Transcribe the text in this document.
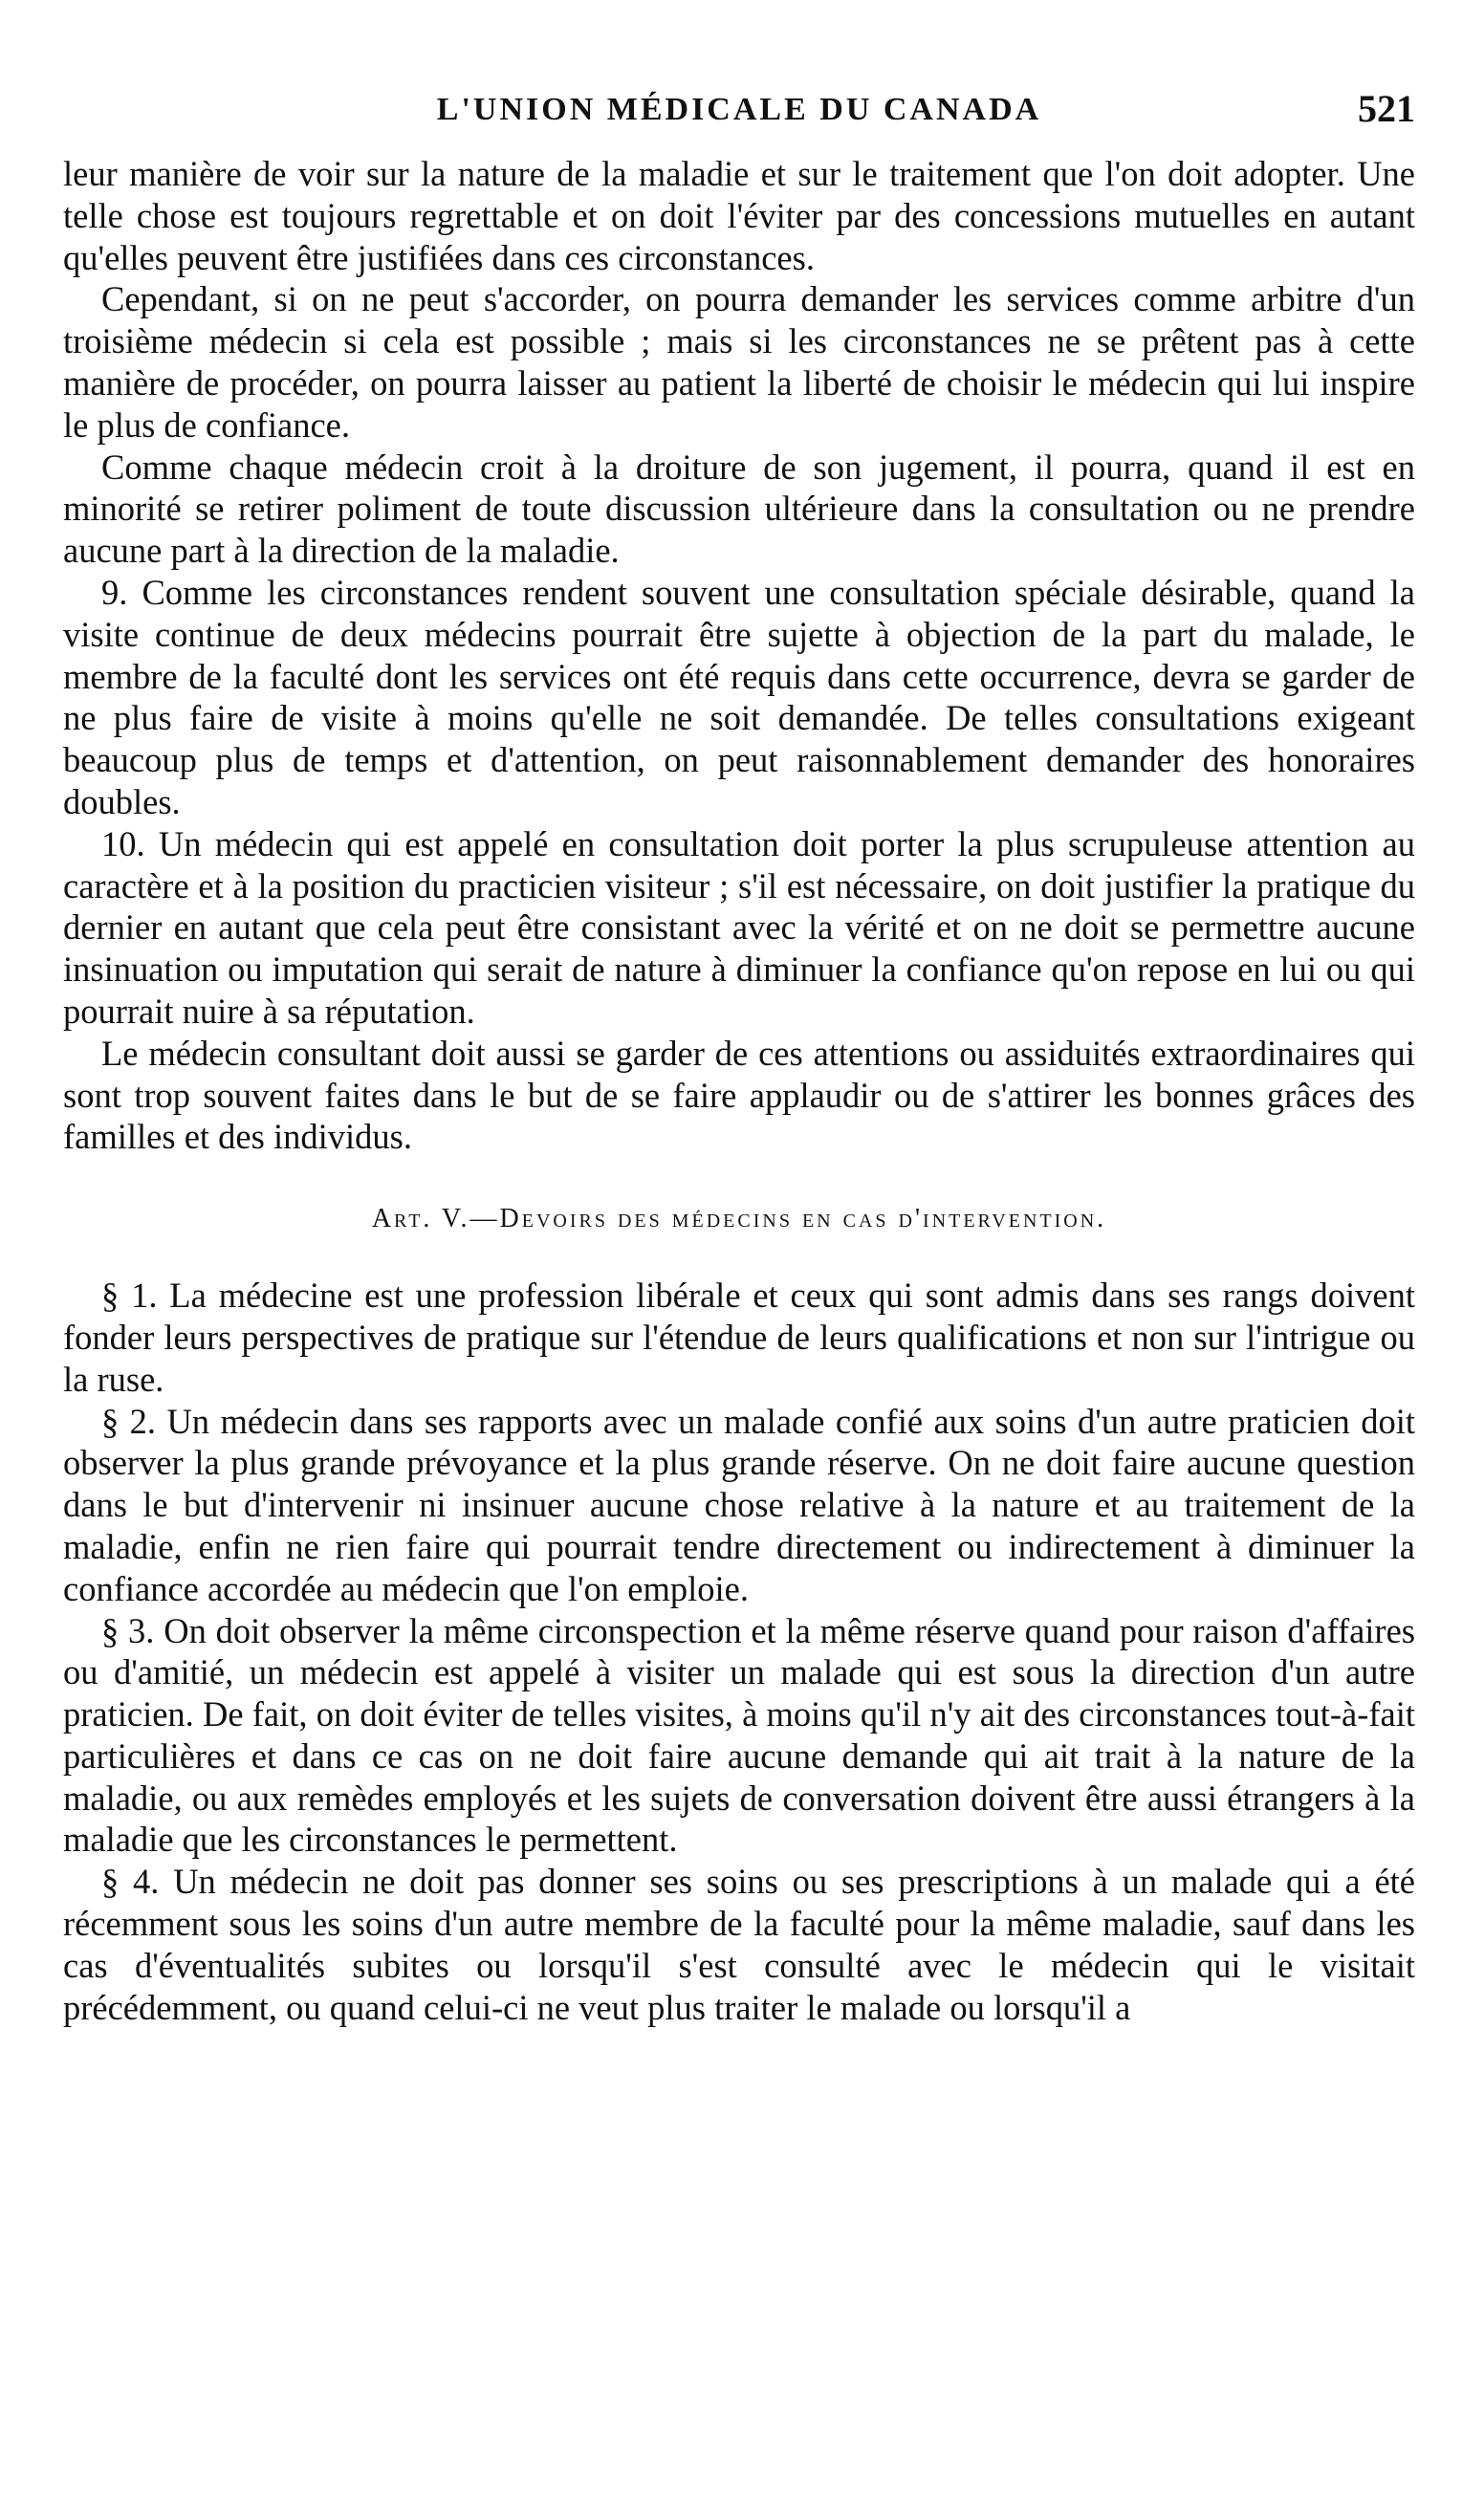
L'UNION MÉDICALE DU CANADA	521

leur manière de voir sur la nature de la maladie et sur le traitement que l'on doit adopter. Une telle chose est toujours regrettable et on doit l'éviter par des concessions mutuelles en autant qu'elles peuvent être justifiées dans ces circonstances.

Cependant, si on ne peut s'accorder, on pourra demander les services comme arbitre d'un troisième médecin si cela est possible ; mais si les circonstances ne se prêtent pas à cette manière de procéder, on pourra laisser au patient la liberté de choisir le médecin qui lui inspire le plus de confiance.

Comme chaque médecin croit à la droiture de son jugement, il pourra, quand il est en minorité se retirer poliment de toute discussion ultérieure dans la consultation ou ne prendre aucune part à la direction de la maladie.

9. Comme les circonstances rendent souvent une consultation spéciale désirable, quand la visite continue de deux médecins pourrait être sujette à objection de la part du malade, le membre de la faculté dont les services ont été requis dans cette occurrence, devra se garder de ne plus faire de visite à moins qu'elle ne soit demandée. De telles consultations exigeant beaucoup plus de temps et d'attention, on peut raisonnablement demander des honoraires doubles.

10. Un médecin qui est appelé en consultation doit porter la plus scrupuleuse attention au caractère et à la position du practicien visiteur ; s'il est nécessaire, on doit justifier la pratique du dernier en autant que cela peut être consistant avec la vérité et on ne doit se permettre aucune insinuation ou imputation qui serait de nature à diminuer la confiance qu'on repose en lui ou qui pourrait nuire à sa réputation.

Le médecin consultant doit aussi se garder de ces attentions ou assiduités extraordinaires qui sont trop souvent faites dans le but de se faire applaudir ou de s'attirer les bonnes grâces des familles et des individus.

Art. V.—Devoirs des médecins en cas d'intervention.

§ 1. La médecine est une profession libérale et ceux qui sont admis dans ses rangs doivent fonder leurs perspectives de pratique sur l'étendue de leurs qualifications et non sur l'intrigue ou la ruse.

§ 2. Un médecin dans ses rapports avec un malade confié aux soins d'un autre praticien doit observer la plus grande prévoyance et la plus grande réserve. On ne doit faire aucune question dans le but d'intervenir ni insinuer aucune chose relative à la nature et au traitement de la maladie, enfin ne rien faire qui pourrait tendre directement ou indirectement à diminuer la confiance accordée au médecin que l'on emploie.

§ 3. On doit observer la même circonspection et la même réserve quand pour raison d'affaires ou d'amitié, un médecin est appelé à visiter un malade qui est sous la direction d'un autre praticien. De fait, on doit éviter de telles visites, à moins qu'il n'y ait des circonstances tout-à-fait particulières et dans ce cas on ne doit faire aucune demande qui ait trait à la nature de la maladie, ou aux remèdes employés et les sujets de conversation doivent être aussi étrangers à la maladie que les circonstances le permettent.

§ 4. Un médecin ne doit pas donner ses soins ou ses prescriptions à un malade qui a été récemment sous les soins d'un autre membre de la faculté pour la même maladie, sauf dans les cas d'éventualités subites ou lorsqu'il s'est consulté avec le médecin qui le visitait précédemment, ou quand celui-ci ne veut plus traiter le malade ou lorsqu'il a
